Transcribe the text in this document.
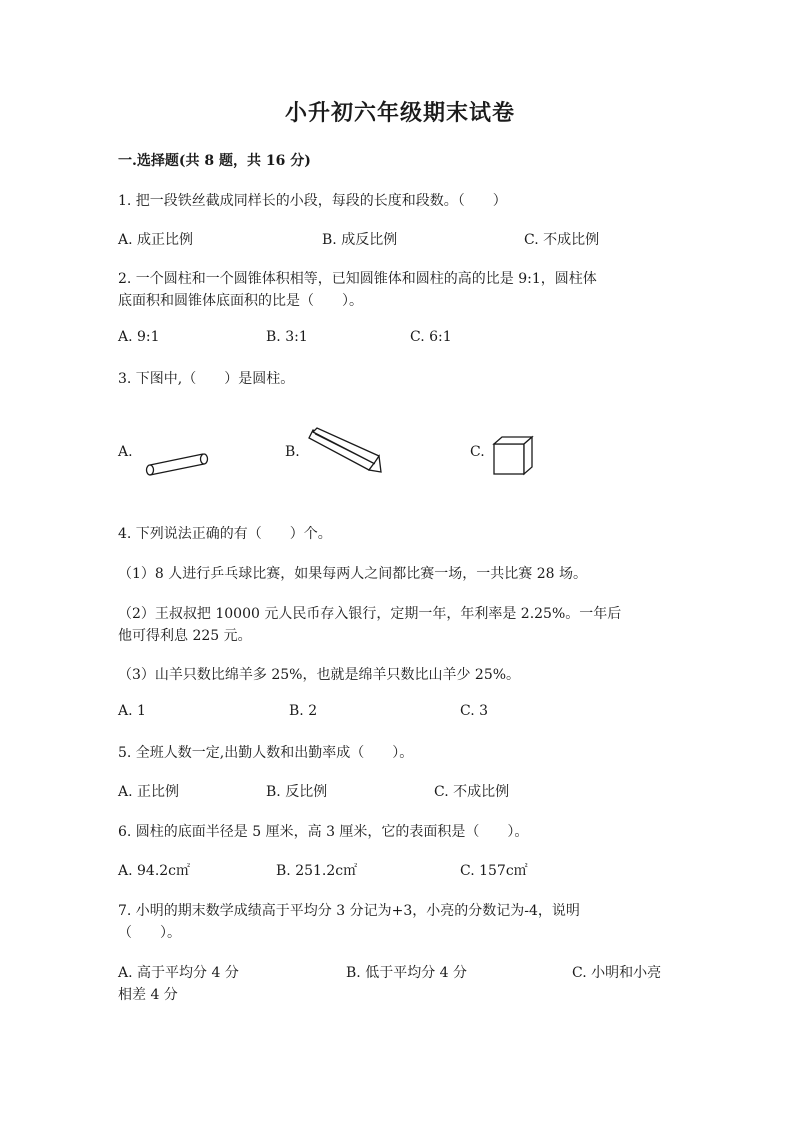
小升初六年级期末试卷
一.选择题(共 8 题，共 16 分)
1. 把一段铁丝截成同样长的小段，每段的长度和段数。（　　）
A. 成正比例	B. 成反比例	C. 不成比例
2. 一个圆柱和一个圆锥体积相等，已知圆锥体和圆柱的高的比是 9:1，圆柱体
底面积和圆锥体底面积的比是（　　）。
A. 9:1	B. 3:1	C. 6:1
3. 下图中,（　　）是圆柱。
A.	B.	C.
4. 下列说法正确的有（　　）个。
（1）8 人进行乒乓球比赛，如果每两人之间都比赛一场，一共比赛 28 场。
（2）王叔叔把 10000 元人民币存入银行，定期一年，年利率是 2.25%。一年后
他可得利息 225 元。
（3）山羊只数比绵羊多 25%，也就是绵羊只数比山羊少 25%。
A. 1	B. 2	C. 3
5. 全班人数一定,出勤人数和出勤率成（　　）。
A. 正比例	B. 反比例	C. 不成比例
6. 圆柱的底面半径是 5 厘米，高 3 厘米，它的表面积是（　　）。
A. 94.2c㎡	B. 251.2c㎡	C. 157c㎡
7. 小明的期末数学成绩高于平均分 3 分记为+3，小亮的分数记为-4，说明
（　　）。
A. 高于平均分 4 分	B. 低于平均分 4 分	C. 小明和小亮
相差 4 分
